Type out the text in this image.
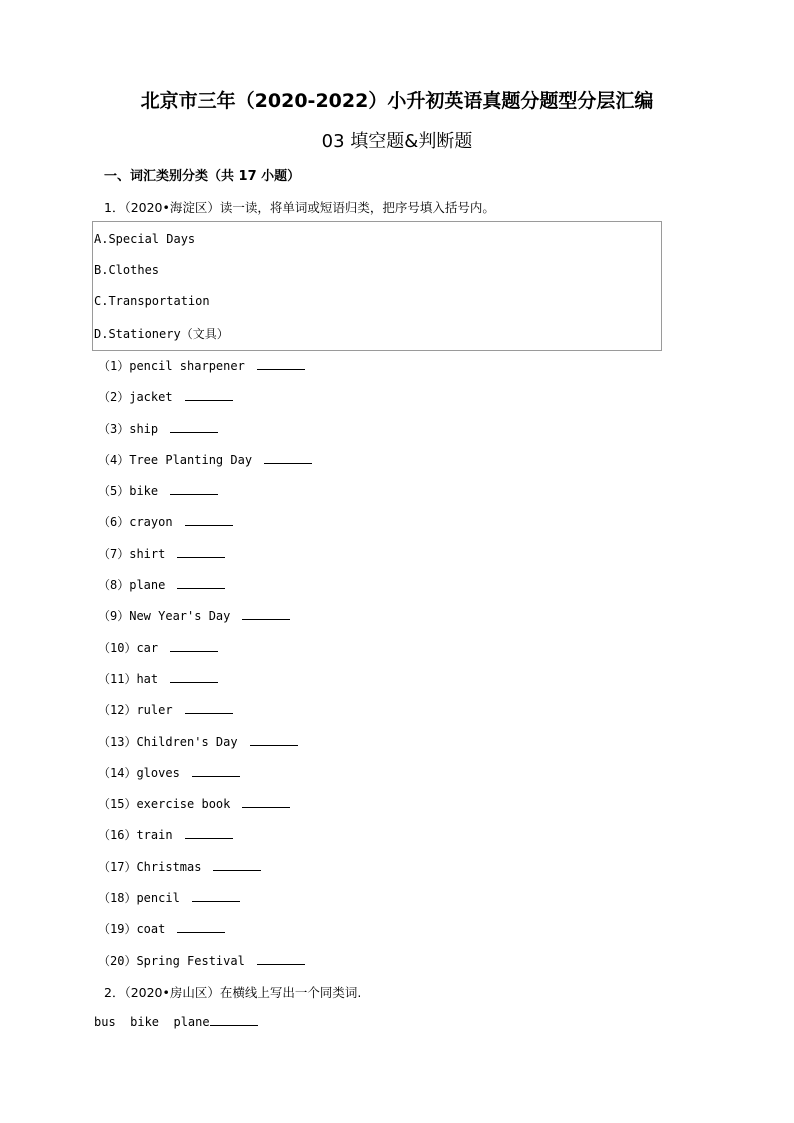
北京市三年（2020-2022）小升初英语真题分题型分层汇编
03 填空题&判断题
一、词汇类别分类（共 17 小题）
1．（2020•海淀区）读一读，将单词或短语归类，把序号填入括号内。
A.Special Days
B.Clothes
C.Transportation
D.Stationery（文具）
（1）pencil sharpener
（2）jacket
（3）ship
（4）Tree Planting Day
（5）bike
（6）crayon
（7）shirt
（8）plane
（9）New Year's Day
（10）car
（11）hat
（12）ruler
（13）Children's Day
（14）gloves
（15）exercise book
（16）train
（17）Christmas
（18）pencil
（19）coat
（20）Spring Festival
2．（2020•房山区）在横线上写出一个同类词.
bus  bike  plane
